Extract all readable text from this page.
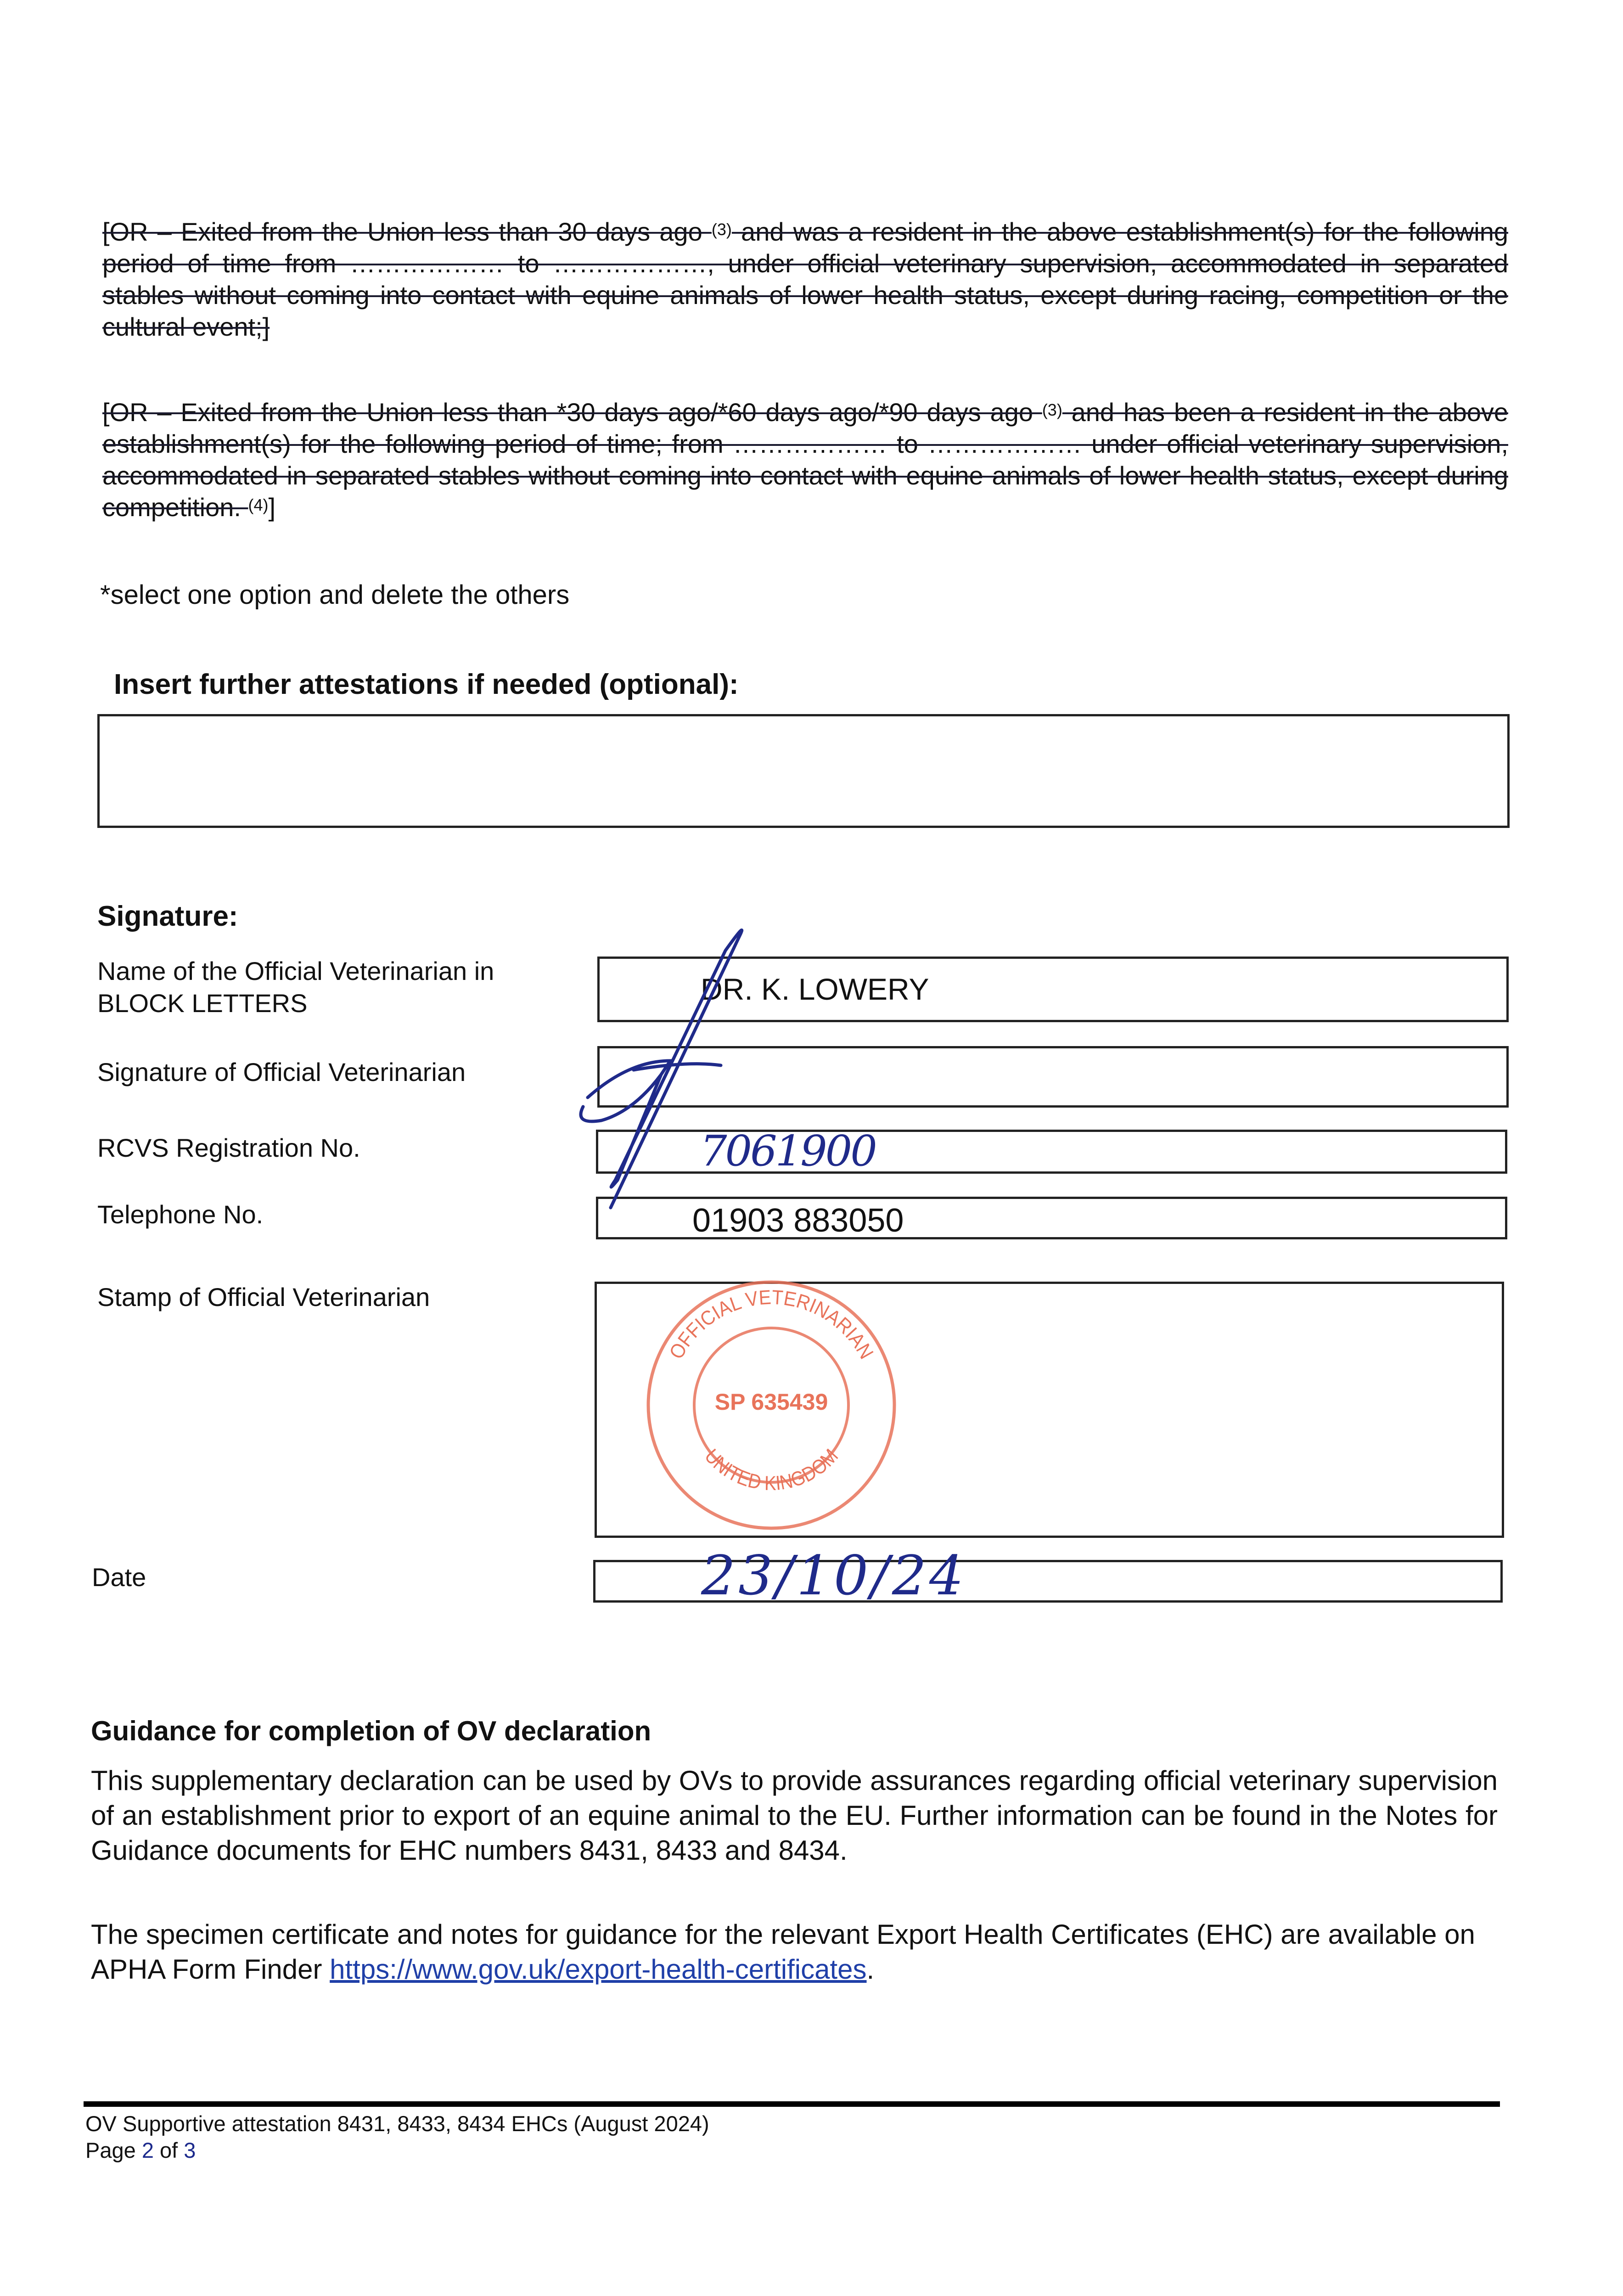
[OR – Exited from the Union less than 30 days ago $^{(3)}$ and was a resident in the above establishment(s) for the following period of time from ……………… to ………………, under official veterinary supervision, accommodated in separated stables without coming into contact with equine animals of lower health status, except during racing, competition or the cultural event;]
[OR – Exited from the Union less than *30 days ago/*60 days ago/*90 days ago $^{(3)}$ and has been a resident in the above establishment(s) for the following period of time; from ……………… to ……………… under official veterinary supervision, accommodated in separated stables without coming into contact with equine animals of lower health status, except during competition. $^{(4)}$]
*select one option and delete the others
Insert further attestations if needed (optional):
Signature:
Name of the Official Veterinarian in
BLOCK LETTERS	DR. K. LOWERY
Signature of Official Veterinarian
RCVS Registration No.	7061900
Telephone No.	01903 883050
Stamp of Official Veterinarian
OFFICIAL VETERINARIAN
UNITED KINGDOM
SP 635439
Date	23/10/24
Guidance for completion of OV declaration
This supplementary declaration can be used by OVs to provide assurances regarding official veterinary supervision of an establishment prior to export of an equine animal to the EU. Further information can be found in the Notes for Guidance documents for EHC numbers 8431, 8433 and 8434.
The specimen certificate and notes for guidance for the relevant Export Health Certificates (EHC) are available on APHA Form Finder https://www.gov.uk/export-health-certificates.
OV Supportive attestation 8431, 8433, 8434 EHCs (August 2024)
Page 2 of 3
